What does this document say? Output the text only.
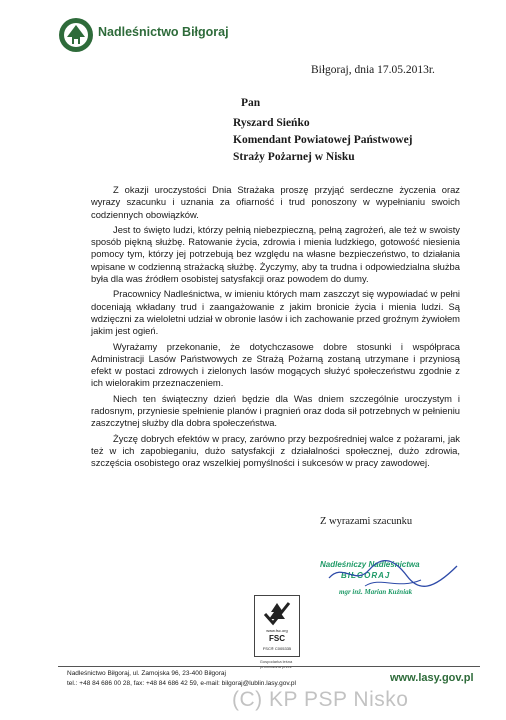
Nadleśnictwo Biłgoraj
Biłgoraj, dnia 17.05.2013r.
Pan
Ryszard Sieńko
Komendant Powiatowej Państwowej
Straży Pożarnej w Nisku

Z okazji uroczystości Dnia Strażaka proszę przyjąć serdeczne życzenia oraz wyrazy szacunku i uznania za ofiarność i trud ponoszony w wypełnianiu swoich codziennych obowiązków.

Jest to święto ludzi, którzy pełnią niebezpieczną, pełną zagrożeń, ale też w swoisty sposób piękną służbę. Ratowanie życia, zdrowia i mienia ludzkiego, gotowość niesienia pomocy tym, którzy jej potrzebują bez względu na własne bezpieczeństwo, to działania wpisane w codzienną strażacką służbę. Życzymy, aby ta trudna i odpowiedzialna służba była dla was źródłem osobistej satysfakcji oraz powodem do dumy.

Pracownicy Nadleśnictwa, w imieniu których mam zaszczyt się wypowiadać w pełni doceniają wkładany trud i zaangażowanie z jakim bronicie życia i mienia ludzi. Są wdzięczni za wieloletni udział w obronie lasów i ich zachowanie przed groźnym żywiołem jakim jest ogień.

Wyrażamy przekonanie, że dotychczasowe dobre stosunki i współpraca Administracji Lasów Państwowych ze Strażą Pożarną zostaną utrzymane i przyniosą efekt w postaci zdrowych i zielonych lasów mogących służyć społeczeństwu zgodnie z ich wielorakim przeznaczeniem.

Niech ten świąteczny dzień będzie dla Was dniem szczególnie uroczystym i radosnym, przyniesie spełnienie planów i pragnień oraz doda sił potrzebnych w pełnieniu zaszczytnej służby dla dobra społeczeństwa.

Życzę dobrych efektów w pracy, zarówno przy bezpośredniej walce z pożarami, jak też w ich zapobieganiu, dużo satysfakcji z działalności społecznej, dużo zdrowia, szczęścia osobistego oraz wszelkiej pomyślności i sukcesów w pracy zawodowej.

Z wyrazami szacunku
Nadleśniczy Nadleśnictwa
BIŁGORAJ
mgr inż. Marian Kuźniak
www.fsc.org
FSC
FSC® C005335
Gospodarka leśna
Nadleśnictwo Biłgoraj, ul. Zamojska 96, 23-400 Biłgoraj
tel.: +48 84 686 00 28, fax: +48 84 686 42 59, e-mail: bilgoraj@lublin.lasy.gov.pl	www.lasy.gov.pl
(C) KP PSP Nisko
